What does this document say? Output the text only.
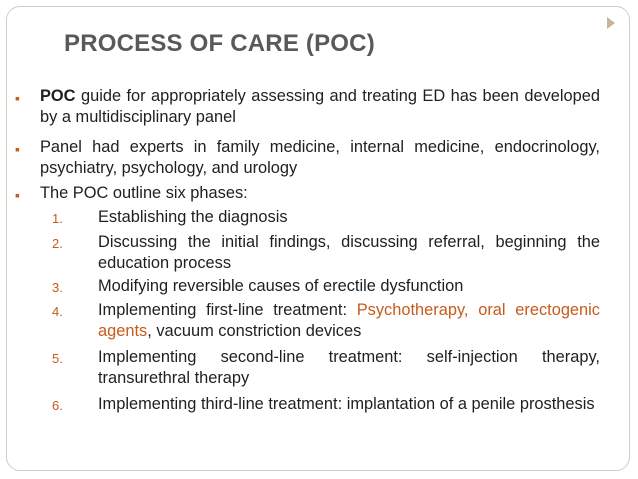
PROCESS OF CARE (POC)
▪ POC guide for appropriately assessing and treating ED has been developed by a multidisciplinary panel
▪ Panel had experts in family medicine, internal medicine, endocrinology, psychiatry, psychology, and urology
▪ The POC outline six phases:
1. Establishing the diagnosis
2. Discussing the initial findings, discussing referral, beginning the education process
3. Modifying reversible causes of erectile dysfunction
4. Implementing first-line treatment: Psychotherapy, oral erectogenic agents, vacuum constriction devices
5. Implementing second-line treatment: self-injection therapy, transurethral therapy
6. Implementing third-line treatment: implantation of a penile prosthesis
